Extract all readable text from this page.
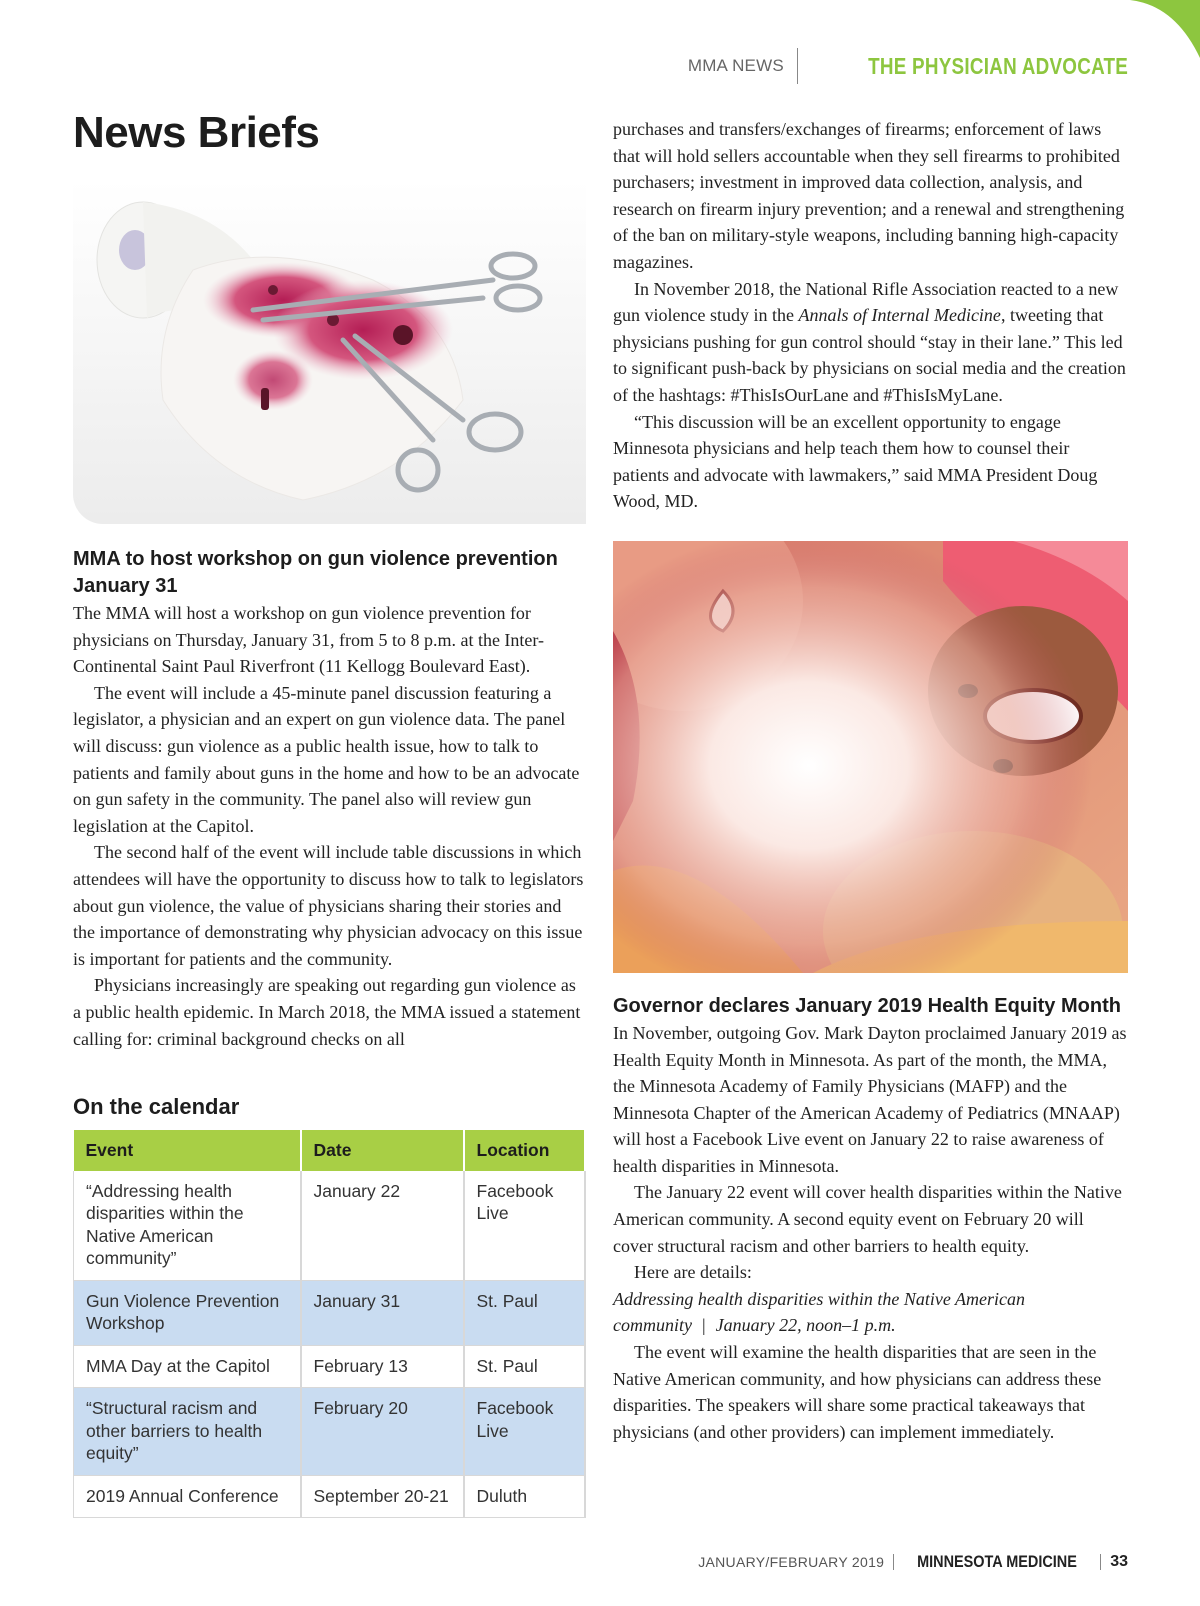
MMA NEWS	THE PHYSICIAN ADVOCATE
News Briefs
MMA to host workshop on gun violence prevention January 31

The MMA will host a workshop on gun violence prevention for physicians on Thursday, January 31, from 5 to 8 p.m. at the Inter-Continental Saint Paul Riverfront (11 Kellogg Boulevard East).

The event will include a 45-minute panel discussion featuring a legislator, a physician and an expert on gun violence data. The panel will discuss: gun violence as a public health issue, how to talk to patients and family about guns in the home and how to be an advocate on gun safety in the community. The panel also will review gun legislation at the Capitol.

The second half of the event will include table discussions in which attendees will have the opportunity to discuss how to talk to legislators about gun violence, the value of physicians sharing their stories and the importance of demonstrating why physician advocacy on this issue is important for patients and the community.

Physicians increasingly are speaking out regarding gun violence as a public health epidemic. In March 2018, the MMA issued a statement calling for: criminal background checks on all

On the calendar
Event	Date	Location
“Addressing health disparities within the Native American community”	January 22	Facebook Live
Gun Violence Prevention Workshop	January 31	St. Paul
MMA Day at the Capitol	February 13	St. Paul
“Structural racism and other barriers to health equity”	February 20	Facebook Live
2019 Annual Conference	September 20-21	Duluth

purchases and transfers/exchanges of firearms; enforcement of laws that will hold sellers accountable when they sell firearms to prohibited purchasers; investment in improved data collection, analysis, and research on firearm injury prevention; and a renewal and strengthening of the ban on military-style weapons, including banning high-capacity magazines.

In November 2018, the National Rifle Association reacted to a new gun violence study in the Annals of Internal Medicine, tweeting that physicians pushing for gun control should “stay in their lane.” This led to significant push-back by physicians on social media and the creation of the hashtags: #ThisIsOurLane and #ThisIsMyLane.

“This discussion will be an excellent opportunity to engage Minnesota physicians and help teach them how to counsel their patients and advocate with lawmakers,” said MMA President Doug Wood, MD.

Governor declares January 2019 Health Equity Month

In November, outgoing Gov. Mark Dayton proclaimed January 2019 as Health Equity Month in Minnesota. As part of the month, the MMA, the Minnesota Academy of Family Physicians (MAFP) and the Minnesota Chapter of the American Academy of Pediatrics (MNAAP) will host a Facebook Live event on January 22 to raise awareness of health disparities in Minnesota.

The January 22 event will cover health disparities within the Native American community. A second equity event on February 20 will cover structural racism and other barriers to health equity.

Here are details:

Addressing health disparities within the Native American community | January 22, noon–1 p.m.

The event will examine the health disparities that are seen in the Native American community, and how physicians can address these disparities. The speakers will share some practical takeaways that physicians (and other providers) can implement immediately.

JANUARY/FEBRUARY 2019 MINNESOTA MEDICINE 33
